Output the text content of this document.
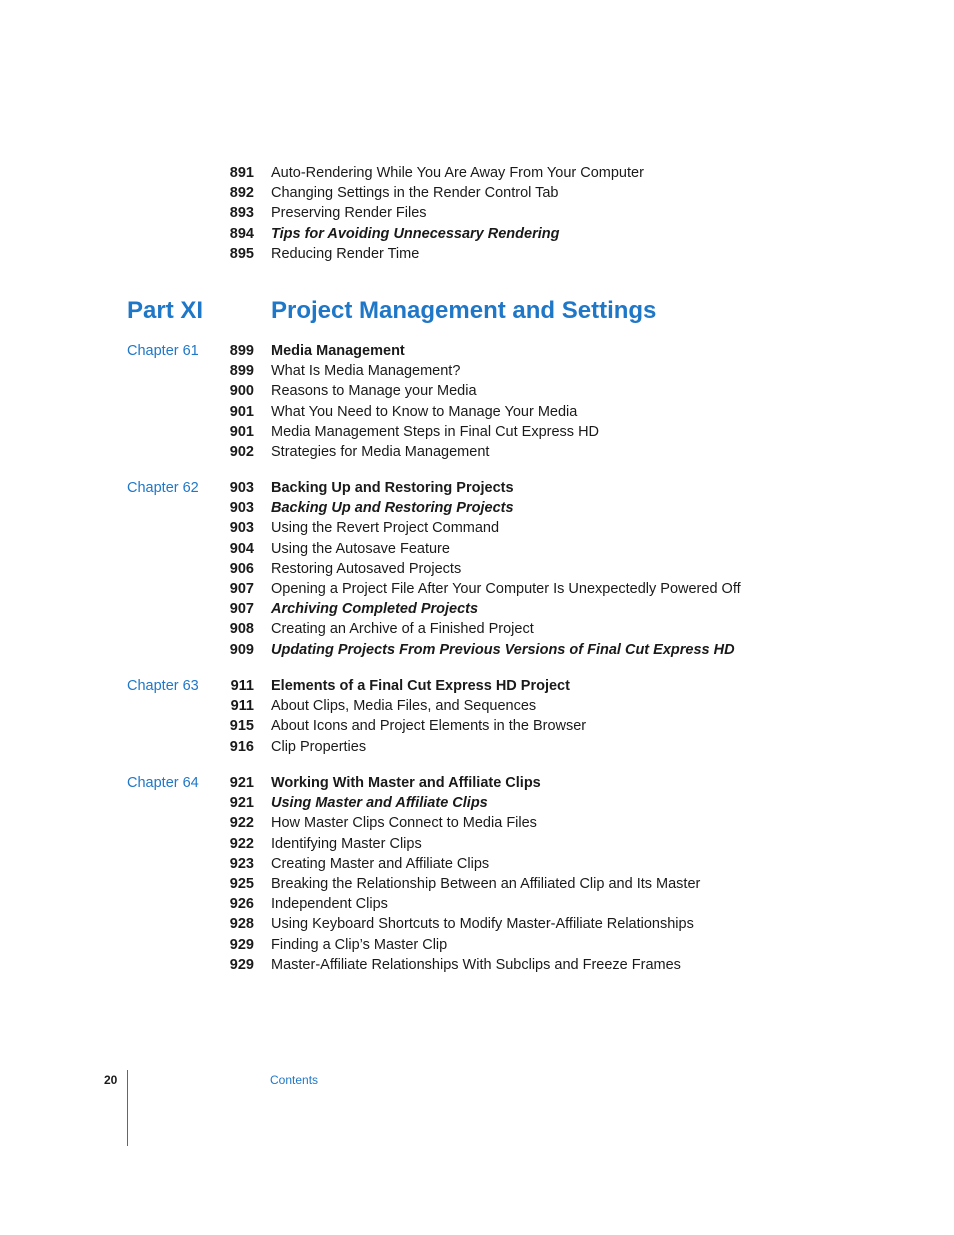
891 Auto-Rendering While You Are Away From Your Computer
892 Changing Settings in the Render Control Tab
893 Preserving Render Files
894 Tips for Avoiding Unnecessary Rendering
895 Reducing Render Time
Chapter 61	899 Media Management
899 What Is Media Management?
900 Reasons to Manage your Media
901 What You Need to Know to Manage Your Media
901 Media Management Steps in Final Cut Express HD
902 Strategies for Media Management
Chapter 62	903 Backing Up and Restoring Projects
903 Backing Up and Restoring Projects
903 Using the Revert Project Command
904 Using the Autosave Feature
906 Restoring Autosaved Projects
907 Opening a Project File After Your Computer Is Unexpectedly Powered Off
907 Archiving Completed Projects
908 Creating an Archive of a Finished Project
909 Updating Projects From Previous Versions of Final Cut Express HD
Chapter 63	911 Elements of a Final Cut Express HD Project
911 About Clips, Media Files, and Sequences
915 About Icons and Project Elements in the Browser
916 Clip Properties
Chapter 64	921 Working With Master and Affiliate Clips
921 Using Master and Affiliate Clips
922 How Master Clips Connect to Media Files
922 Identifying Master Clips
923 Creating Master and Affiliate Clips
925 Breaking the Relationship Between an Affiliated Clip and Its Master
926 Independent Clips
928 Using Keyboard Shortcuts to Modify Master-Affiliate Relationships
929 Finding a Clip’s Master Clip
929 Master-Affiliate Relationships With Subclips and Freeze Frames
Part XI	Project Management and Settings
20	Contents
